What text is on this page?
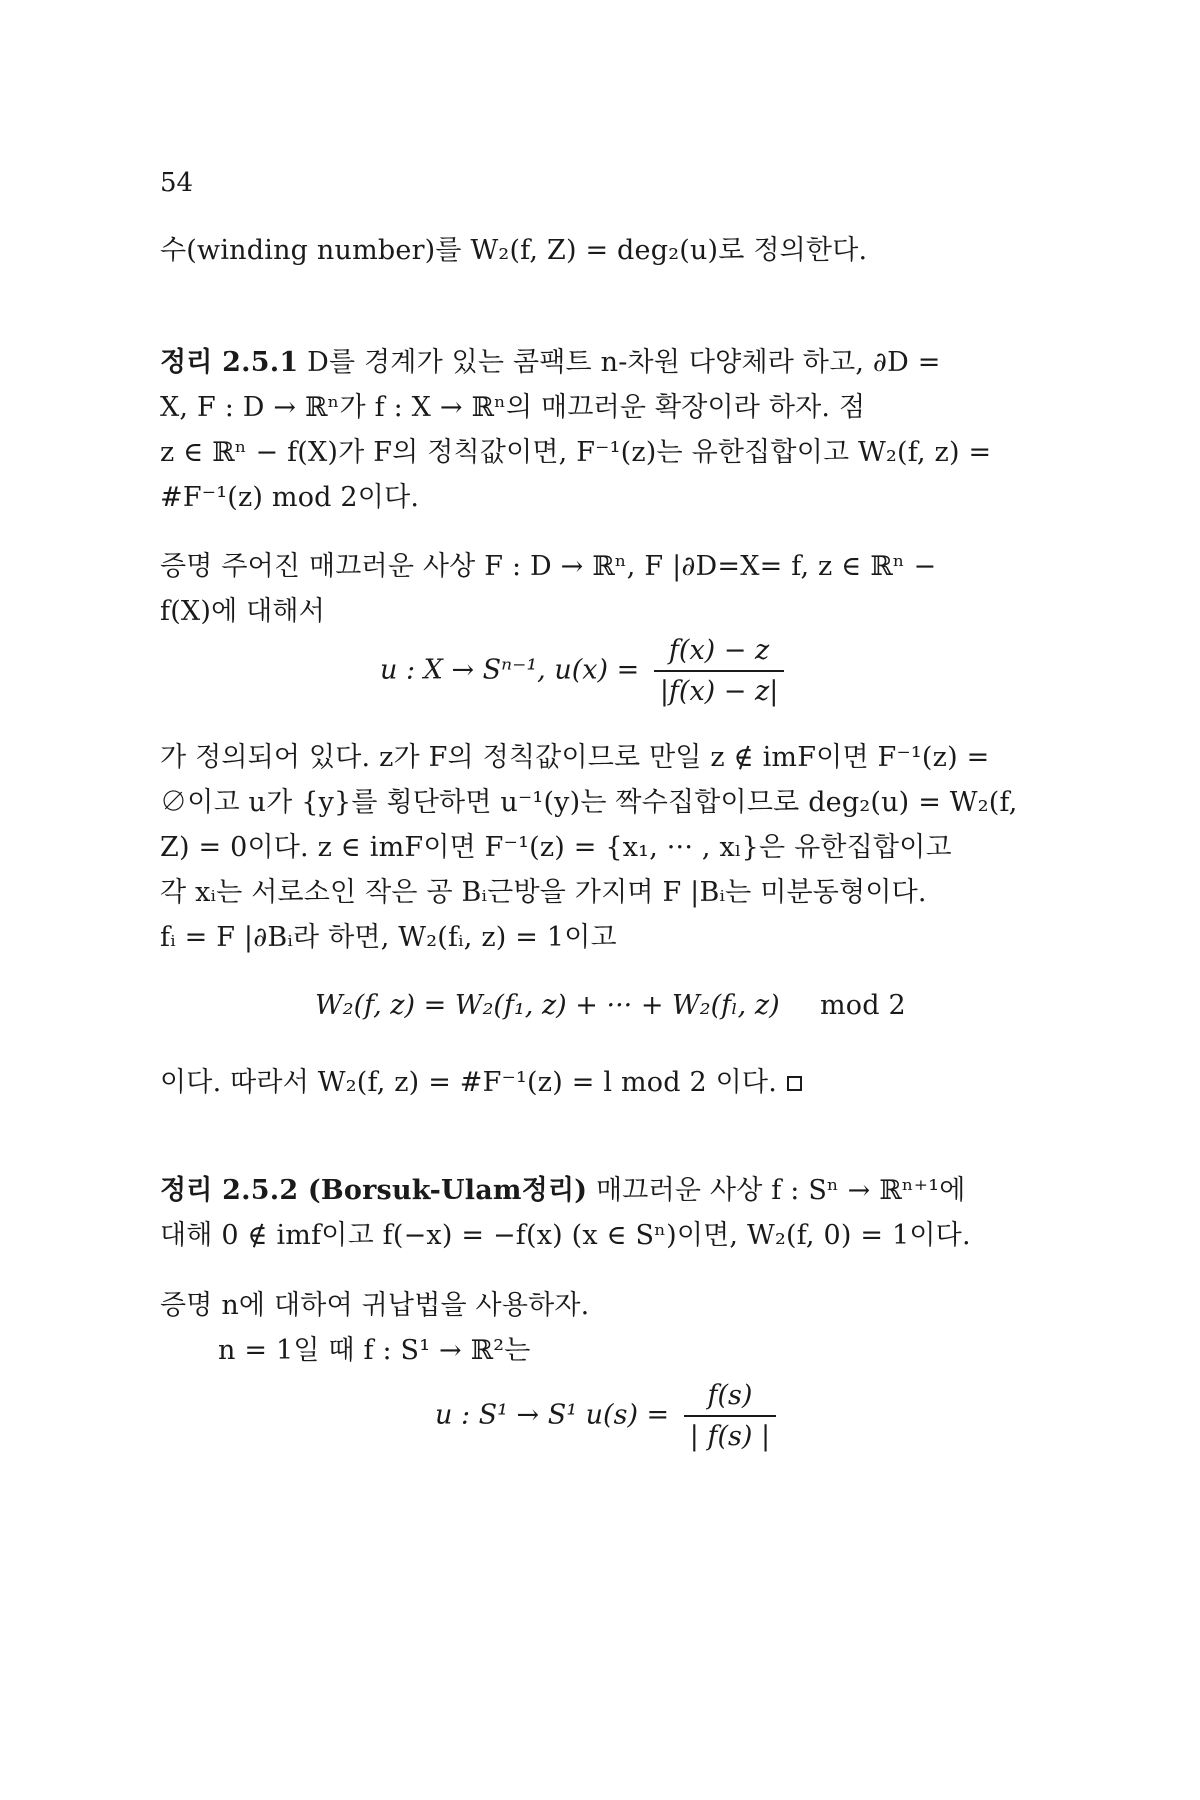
54
수(winding number)를 W₂(f, Z) = deg₂(u)로 정의한다.
정리 2.5.1 D를 경계가 있는 콤팩트 n-차원 다양체라 하고, ∂D =
X, F : D → ℝⁿ가 f : X → ℝⁿ의 매끄러운 확장이라 하자. 점
z ∈ ℝⁿ − f(X)가 F의 정칙값이면, F⁻¹(z)는 유한집합이고 W₂(f, z) =
#F⁻¹(z) mod 2이다.
증명 주어진 매끄러운 사상 F : D → ℝⁿ, F |∂D=X= f, z ∈ ℝⁿ −
f(X)에 대해서
u : X → Sⁿ⁻¹, $u(x) = \frac{f(x) - z}{|f(x) - z|}$
가 정의되어 있다. z가 F의 정칙값이므로 만일 z ∉ imF이면 F⁻¹(z) =
∅이고 u가 {y}를 횡단하면 u⁻¹(y)는 짝수집합이므로 deg₂(u) = W₂(f,
Z) = 0이다. z ∈ imF이면 F⁻¹(z) = {x₁, ··· , xₗ}은 유한집합이고
각 xᵢ는 서로소인 작은 공 Bᵢ근방을 가지며 F |Bᵢ는 미분동형이다.
fᵢ = F |∂Bᵢ라 하면, W₂(fᵢ, z) = 1이고
W₂(f, z) = W₂(f₁, z) + ··· + W₂(fₗ, z) mod 2
이다. 따라서 W₂(f, z) = #F⁻¹(z) = l mod 2 이다.
정리 2.5.2 (Borsuk-Ulam정리) 매끄러운 사상 f : Sⁿ → ℝⁿ⁺¹에
대해 0 ∉ imf이고 f(−x) = −f(x) (x ∈ Sⁿ)이면, W₂(f, 0) = 1이다.
증명 n에 대하여 귀납법을 사용하자.
n = 1일 때 f : S¹ → ℝ²는
u : S¹ → S¹ $u(s) = \frac{f(s)}{| f(s) |}$
